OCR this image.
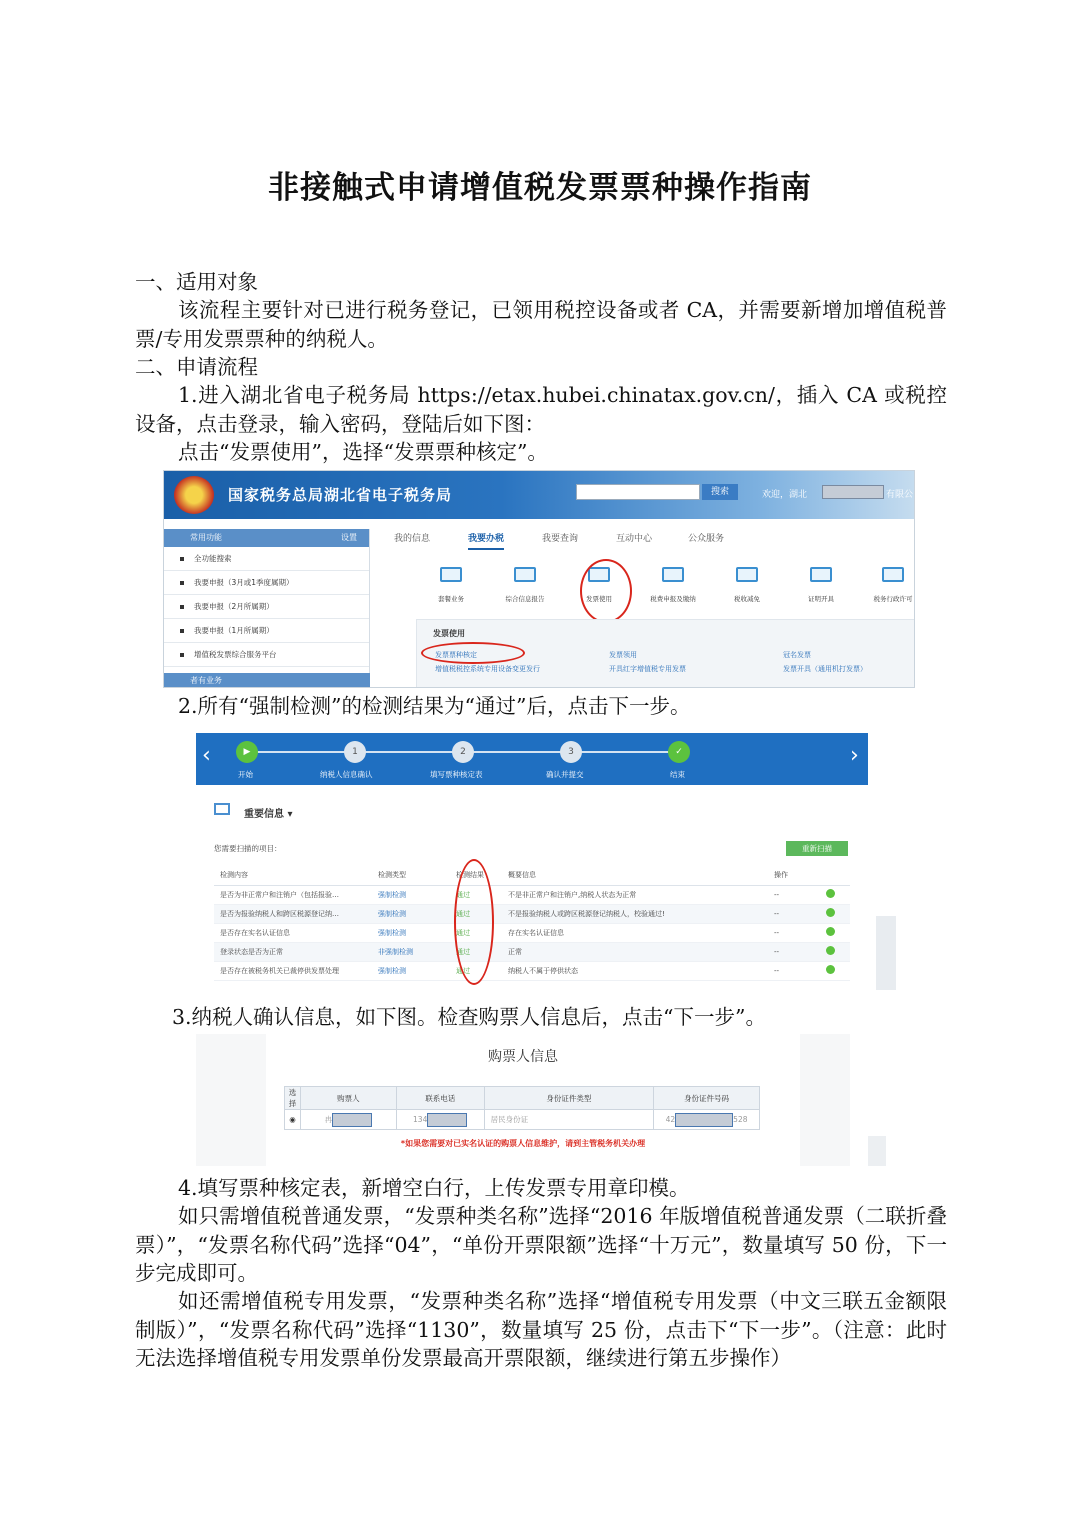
非接触式申请增值税发票票种操作指南
一、适用对象
该流程主要针对已进行税务登记，已领用税控设备或者 CA，并需要新增加增值税普票/专用发票票种的纳税人。
二、申请流程
1.进入湖北省电子税务局 https://etax.hubei.chinatax.gov.cn/，插入 CA 或税控设备，点击登录，输入密码，登陆后如下图：
点击“发票使用”，选择“发票票种核定”。
国家税务总局湖北省电子税务局	搜索	欢迎，湖北	有限公
常用功能	设置
全功能搜索
我要申报（3月或1季度属期）
我要申报（2月所属期）
我要申报（1月所属期）
增值税发票综合服务平台
者有业务
我的信息	我要办税	我要查询	互动中心	公众服务
套餐业务	综合信息报告	发票使用	税费申报及缴纳	税收减免	证明开具	税务行政许可
发票使用
发票票种核定	发票领用	冠名发票
增值税税控系统专用设备变更发行	开具红字增值税专用发票	发票开具（通用机打发票）
2.所有“强制检测”的检测结果为“通过”后，点击下一步。
‹	›
▶	1	2	3	✓
开始	纳税人信息确认	填写票种核定表	确认并提交	结束
重要信息 ▾
您需要扫描的项目：	重新扫描
检测内容	检测类型	检测结果	概要信息	操作	
是否为非正常户和注销户（包括报验…	强制检测	通过	不是非正常户和注销户,纳税人状态为正常	--	
是否为报验纳税人和跨区税源登记纳…	强制检测	通过	不是报验纳税人或跨区税源登记纳税人，校验通过!	--	
是否存在实名认证信息	强制检测	通过	存在实名认证信息	--	
登录状态是否为正常	非强制检测	通过	正常	--	
是否存在被税务机关已裁停供发票处理	强制检测	通过	纳税人不属于停供状态	--	
3.纳税人确认信息，如下图。检查购票人信息后，点击“下一步”。
购票人信息
选择	购票人	联系电话	身份证件类型	身份证件号码
◉	冉	134	居民身份证	42 528
*如果您需要对已实名认证的购票人信息维护，请到主管税务机关办理
4.填写票种核定表，新增空白行，上传发票专用章印模。
如只需增值税普通发票，“发票种类名称”选择“2016 年版增值税普通发票（二联折叠票）”，“发票名称代码”选择“04”，“单份开票限额”选择“十万元”，数量填写 50 份，下一步完成即可。
如还需增值税专用发票，“发票种类名称”选择“增值税专用发票（中文三联五金额限制版）”，“发票名称代码”选择“1130”，数量填写 25 份，点击下“下一步”。（注意：此时无法选择增值税专用发票单份发票最高开票限额，继续进行第五步操作）
